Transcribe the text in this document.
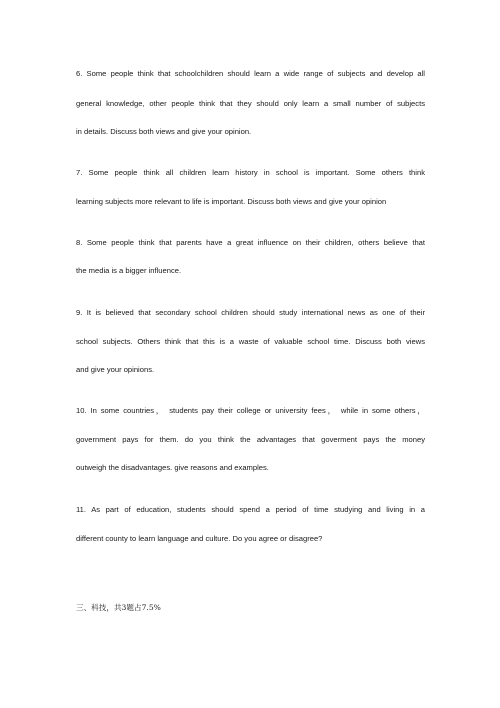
6. Some people think that schoolchildren should learn a wide range of subjects and develop all
general knowledge, other people think that they should only learn a small number of subjects
in details. Discuss both views and give your opinion.
7. Some people think all children learn history in school is important. Some others think
learning subjects more relevant to life is important. Discuss both views and give your opinion
8. Some people think that parents have a great influence on their children, others believe that
the media is a bigger influence.
9. It is believed that secondary school children should study international news as one of their
school subjects. Others think that this is a waste of valuable school time. Discuss both views
and give your opinions.
10. In some countries， students pay their college or university fees， while in some others，
government pays for them. do you think the advantages that goverment pays the money
outweigh the disadvantages. give reasons and examples.
11. As part of education, students should spend a period of time studying and living in a
different county to learn language and culture. Do you agree or disagree?
三、科技，共3题占7.5%
